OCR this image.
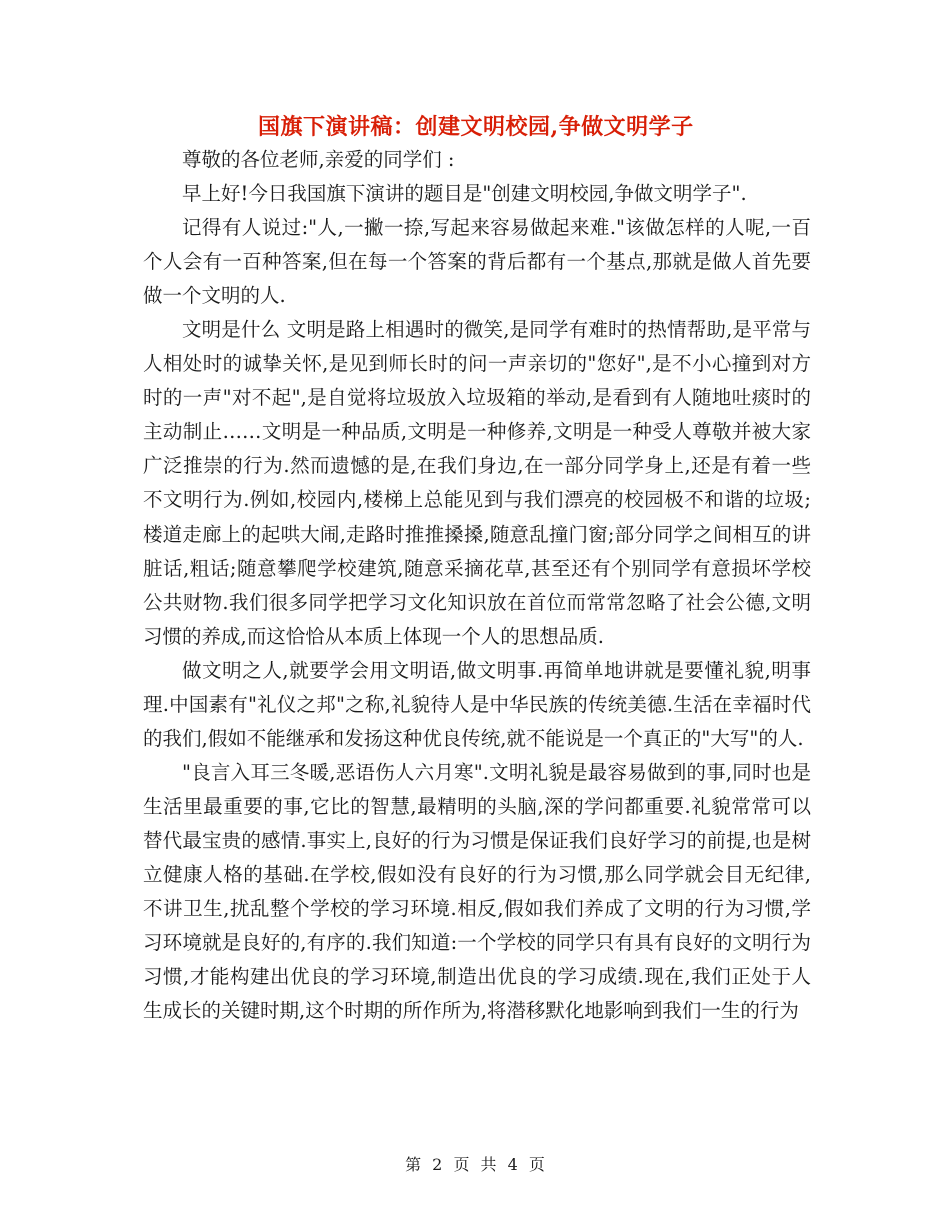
国旗下演讲稿：创建文明校园,争做文明学子

尊敬的各位老师,亲爱的同学们 :

早上好!今日我国旗下演讲的题目是"创建文明校园,争做文明学子".

记得有人说过:"人,一撇一捺,写起来容易做起来难."该做怎样的人呢,一百个人会有一百种答案,但在每一个答案的背后都有一个基点,那就是做人首先要做一个文明的人.

文明是什么 文明是路上相遇时的微笑,是同学有难时的热情帮助,是平常与人相处时的诚挚关怀,是见到师长时的问一声亲切的"您好",是不小心撞到对方时的一声"对不起",是自觉将垃圾放入垃圾箱的举动,是看到有人随地吐痰时的主动制止……文明是一种品质,文明是一种修养,文明是一种受人尊敬并被大家广泛推崇的行为.然而遗憾的是,在我们身边,在一部分同学身上,还是有着一些不文明行为.例如,校园内,楼梯上总能见到与我们漂亮的校园极不和谐的垃圾;楼道走廊上的起哄大闹,走路时推推搡搡,随意乱撞门窗;部分同学之间相互的讲脏话,粗话;随意攀爬学校建筑,随意采摘花草,甚至还有个别同学有意损坏学校公共财物.我们很多同学把学习文化知识放在首位而常常忽略了社会公德,文明习惯的养成,而这恰恰从本质上体现一个人的思想品质.

做文明之人,就要学会用文明语,做文明事.再简单地讲就是要懂礼貌,明事理.中国素有"礼仪之邦"之称,礼貌待人是中华民族的传统美德.生活在幸福时代的我们,假如不能继承和发扬这种优良传统,就不能说是一个真正的"大写"的人.

"良言入耳三冬暖,恶语伤人六月寒".文明礼貌是最容易做到的事,同时也是生活里最重要的事,它比的智慧,最精明的头脑,深的学问都重要.礼貌常常可以替代最宝贵的感情.事实上,良好的行为习惯是保证我们良好学习的前提,也是树立健康人格的基础.在学校,假如没有良好的行为习惯,那么同学就会目无纪律,不讲卫生,扰乱整个学校的学习环境.相反,假如我们养成了文明的行为习惯,学习环境就是良好的,有序的.我们知道:一个学校的同学只有具有良好的文明行为习惯,才能构建出优良的学习环境,制造出优良的学习成绩.现在,我们正处于人生成长的关键时期,这个时期的所作所为,将潜移默化地影响到我们一生的行为

第 2 页 共 4 页
